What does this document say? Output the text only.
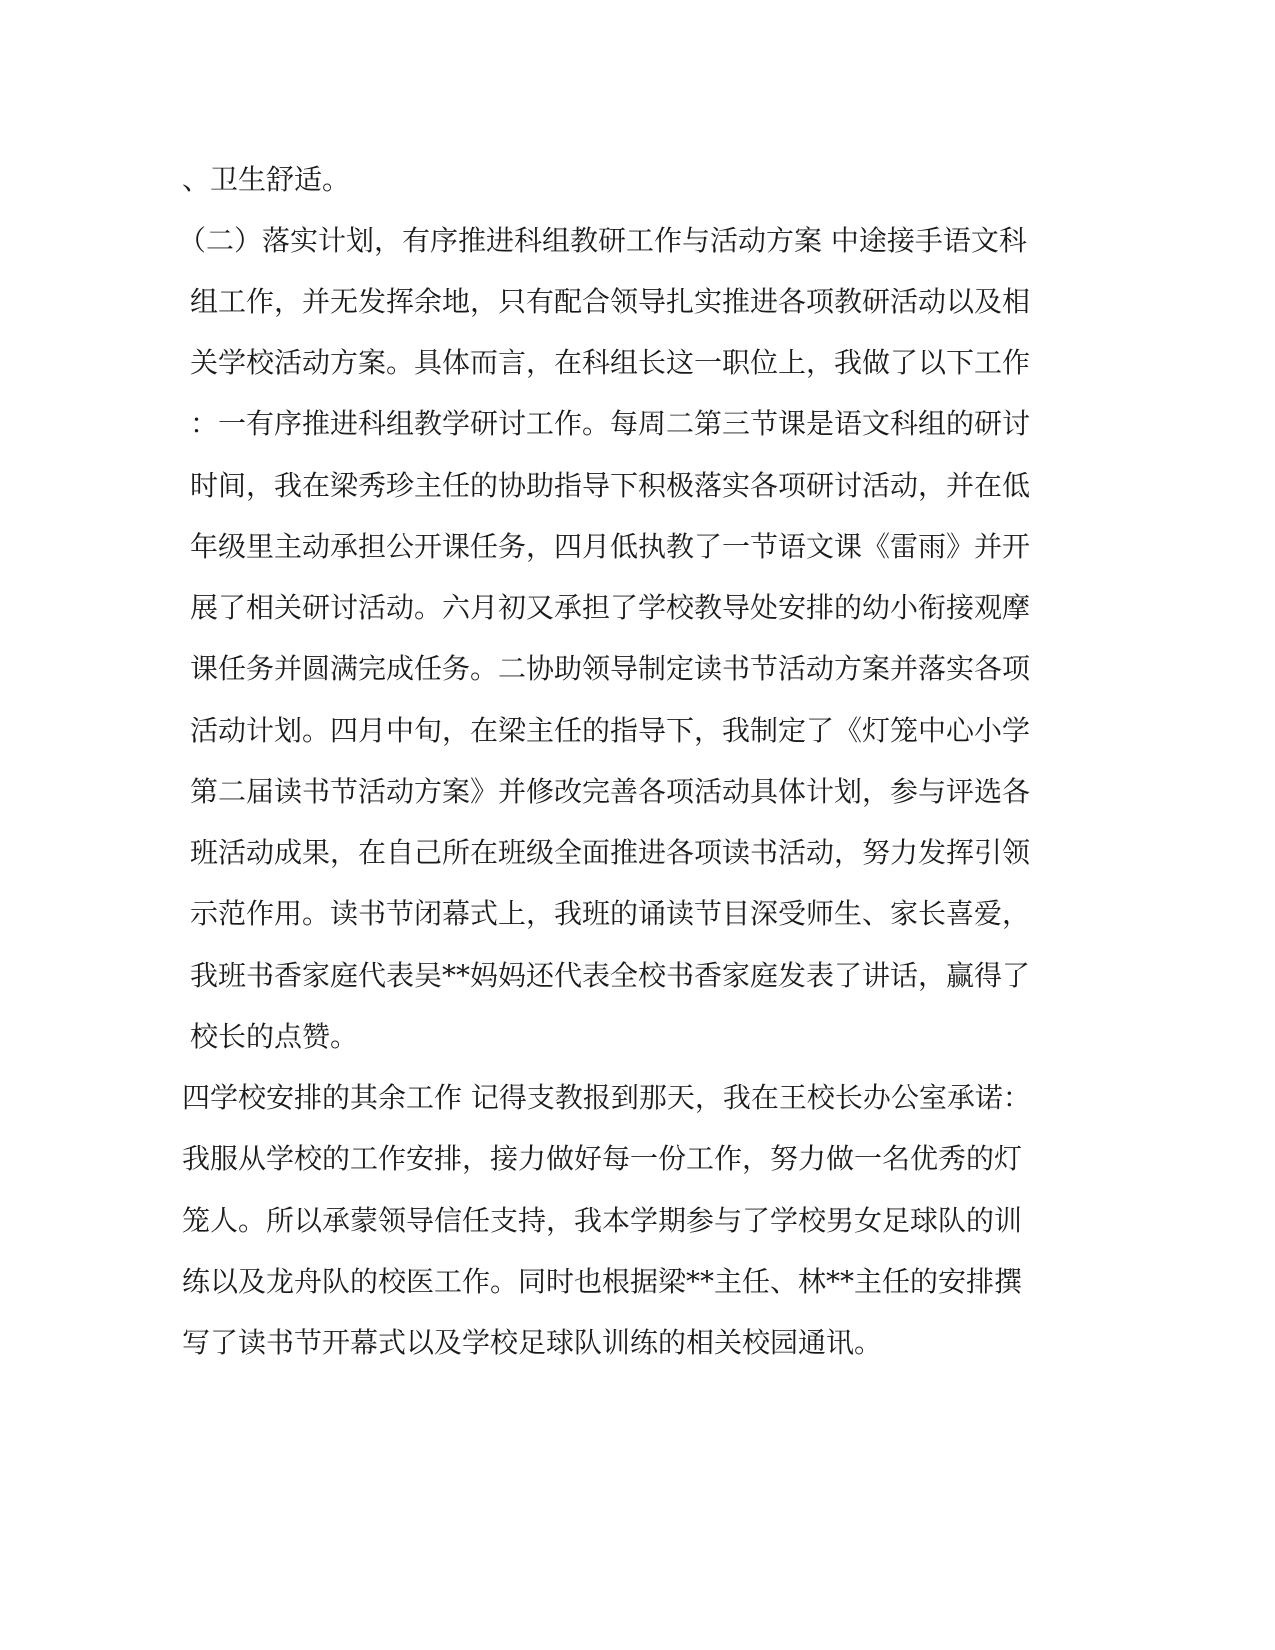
、卫生舒适。
（二）落实计划，有序推进科组教研工作与活动方案 中途接手语文科
组工作，并无发挥余地，只有配合领导扎实推进各项教研活动以及相
关学校活动方案。具体而言，在科组长这一职位上，我做了以下工作
：一有序推进科组教学研讨工作。每周二第三节课是语文科组的研讨
时间，我在梁秀珍主任的协助指导下积极落实各项研讨活动，并在低
年级里主动承担公开课任务，四月低执教了一节语文课《雷雨》并开
展了相关研讨活动。六月初又承担了学校教导处安排的幼小衔接观摩
课任务并圆满完成任务。二协助领导制定读书节活动方案并落实各项
活动计划。四月中旬，在梁主任的指导下，我制定了《灯笼中心小学
第二届读书节活动方案》并修改完善各项活动具体计划，参与评选各
班活动成果，在自己所在班级全面推进各项读书活动，努力发挥引领
示范作用。读书节闭幕式上，我班的诵读节目深受师生、家长喜爱，
我班书香家庭代表吴**妈妈还代表全校书香家庭发表了讲话，赢得了
校长的点赞。
四学校安排的其余工作 记得支教报到那天，我在王校长办公室承诺：
我服从学校的工作安排，接力做好每一份工作，努力做一名优秀的灯
笼人。所以承蒙领导信任支持，我本学期参与了学校男女足球队的训
练以及龙舟队的校医工作。同时也根据梁**主任、林**主任的安排撰
写了读书节开幕式以及学校足球队训练的相关校园通讯。
